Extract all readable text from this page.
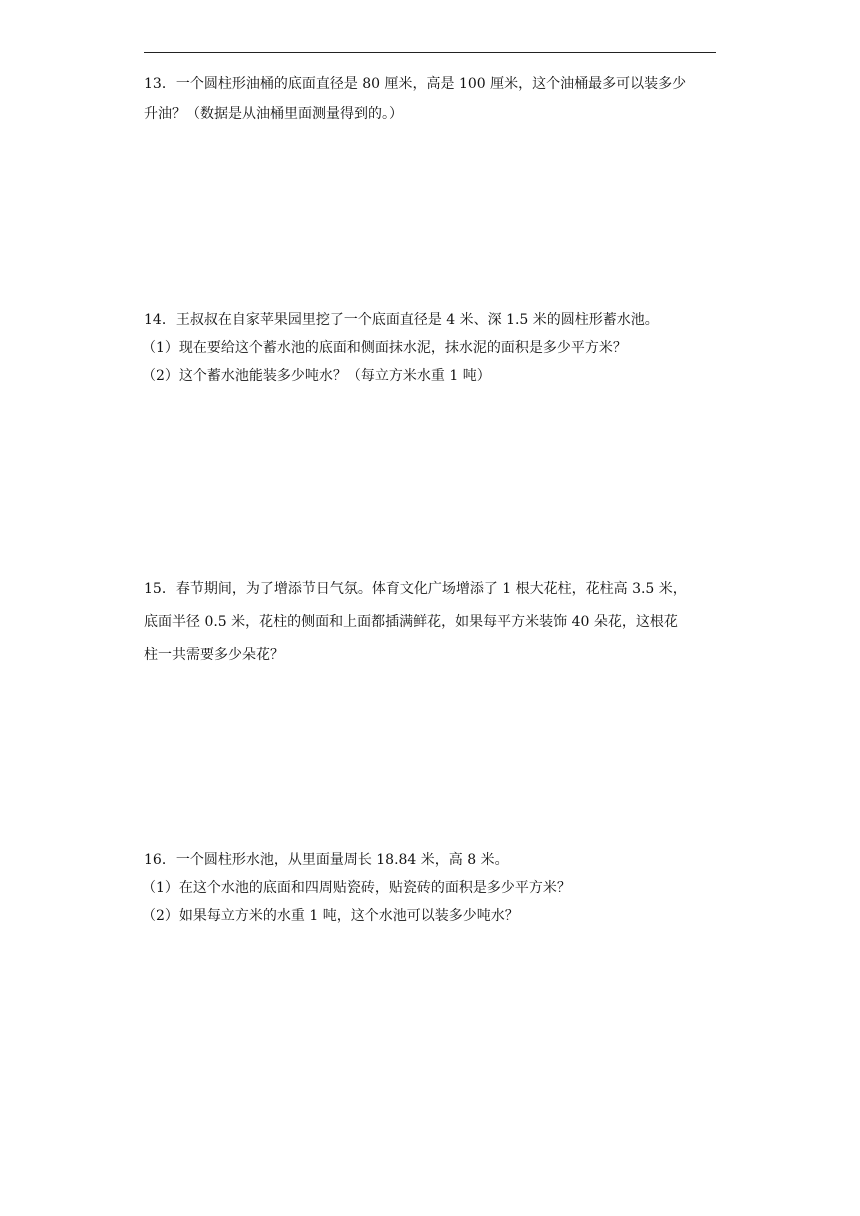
13．一个圆柱形油桶的底面直径是 80 厘米，高是 100 厘米，这个油桶最多可以装多少
升油？（数据是从油桶里面测量得到的。）
14．王叔叔在自家苹果园里挖了一个底面直径是 4 米、深 1.5 米的圆柱形蓄水池。
（1）现在要给这个蓄水池的底面和侧面抹水泥，抹水泥的面积是多少平方米？
（2）这个蓄水池能装多少吨水？（每立方米水重 1 吨）
15．春节期间，为了增添节日气氛。体育文化广场增添了 1 根大花柱，花柱高 3.5 米，
底面半径 0.5 米，花柱的侧面和上面都插满鲜花，如果每平方米装饰 40 朵花，这根花
柱一共需要多少朵花？
16．一个圆柱形水池，从里面量周长 18.84 米，高 8 米。
（1）在这个水池的底面和四周贴瓷砖，贴瓷砖的面积是多少平方米？
（2）如果每立方米的水重 1 吨，这个水池可以装多少吨水？
